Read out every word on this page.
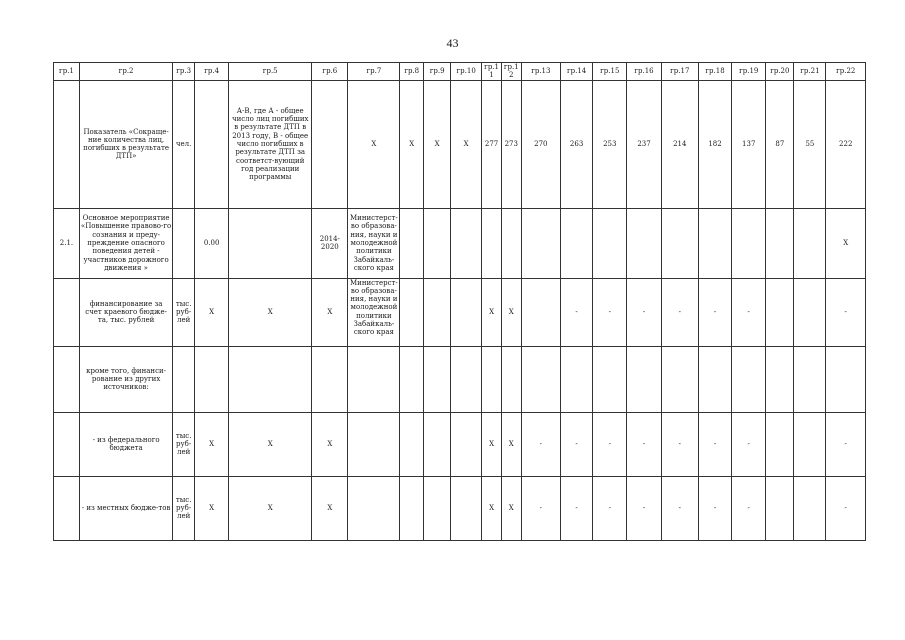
43
гр.1	гр.2	гр.3	гр.4	гр.5	гр.6	гр.7	гр.8	гр.9	гр.10	гр.11	гр.12	гр.13	гр.14	гр.15	гр.16	гр.17	гр.18	гр.19	гр.20	гр.21	гр.22
	Показатель «Сокраще-ние количества лиц, погибших в результате ДТП»	чел.		А-В, где А - общее число лиц погибших в результате ДТП в 2013 году, В - общее число погибших в результате ДТП за соответст-вующий год реализации программы		Х	Х	Х	Х	277	273	270	263	253	237	214	182	137	87	55	222
2.1.	Основное мероприятие «Повышение правово-го сознания и преду-преждение опасного поведения детей - участников дорожного движения »		0.00		2014-2020	Министерст-во образова-ния, науки и молодежной политики Забайкаль-ского края															Х
	финансирование за счет краевого бюдже-та, тыс. рублей	тыс. руб-лей	Х	Х	Х	Министерст-во образова-ния, науки и молодежной политики Забайкаль-ского края				Х	Х		-	-	-	-	-	-			-
	кроме того, финанси-рование из других источников:																				
	- из федерального бюджета	тыс. руб-лей	Х	Х	Х					Х	Х	-	-	-	-	-	-	-			-
	- из местных бюдже-тов	тыс. руб-лей	Х	Х	Х					Х	Х	-	-	-	-	-	-	-			-
